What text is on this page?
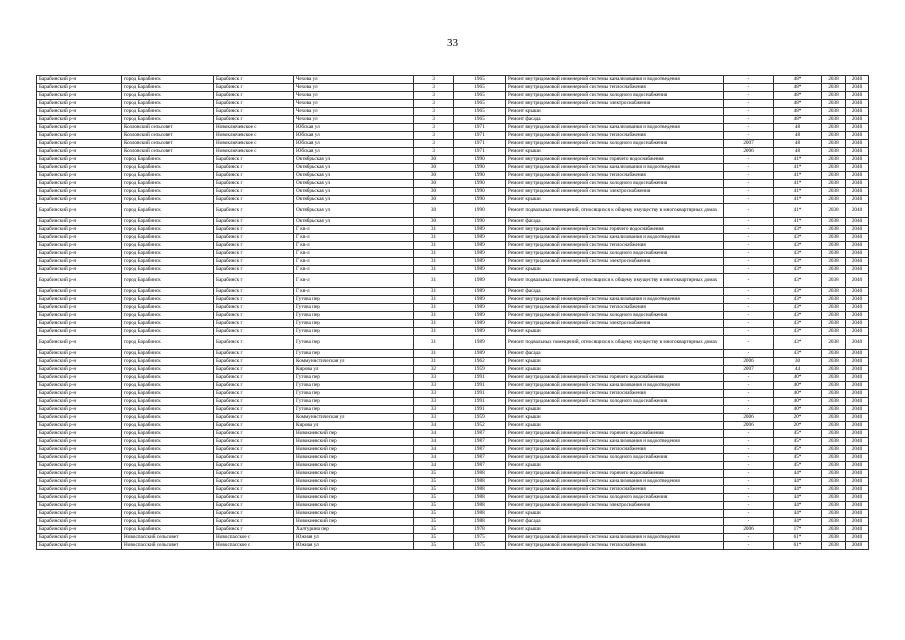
33
Барабинский р-н	город Барабинск	Барабинск г	Чехова ул	3	1965	Ремонт внутридомовой инженерной системы канализования и водоотведения	-	48*	2038	2040
Барабинский р-н	город Барабинск	Барабинск г	Чехова ул	3	1965	Ремонт внутридомовой инженерной системы теплоснабжения	-	48*	2038	2040
Барабинский р-н	город Барабинск	Барабинск г	Чехова ул	3	1965	Ремонт внутридомовой инженерной системы холодного водоснабжения	-	48*	2038	2040
Барабинский р-н	город Барабинск	Барабинск г	Чехова ул	3	1965	Ремонт внутридомовой инженерной системы электроснабжения	-	48*	2038	2040
Барабинский р-н	город Барабинск	Барабинск г	Чехова ул	3	1965	Ремонт крыши	-	48*	2038	2040
Барабинский р-н	город Барабинск	Барабинск г	Чехова ул	3	1965	Ремонт фасада	-	48*	2038	2040
Барабинский р-н	Козловский сельсовет	Новоключевское с	Юбская ул	3	1971	Ремонт внутридомовой инженерной системы канализования и водоотведения	-	48	2038	2040
Барабинский р-н	Козловский сельсовет	Новоключевское с	Юбская ул	3	1971	Ремонт внутридомовой инженерной системы теплоснабжения	-	48	2038	2040
Барабинский р-н	Козловский сельсовет	Новоключевское с	Юбская ул	3	1971	Ремонт внутридомовой инженерной системы холодного водоснабжения	2007	48	2038	2040
Барабинский р-н	Козловский сельсовет	Новоключевское с	Юбская ул	3	1971	Ремонт крыши	2006	48	2038	2040
Барабинский р-н	город Барабинск	Барабинск г	Октябрьская ул	30	1990	Ремонт внутридомовой инженерной системы горячего водоснабжения	-	41*	2038	2040
Барабинский р-н	город Барабинск	Барабинск г	Октябрьская ул	30	1990	Ремонт внутридомовой инженерной системы канализования и водоотведения	-	41*	2038	2040
Барабинский р-н	город Барабинск	Барабинск г	Октябрьская ул	30	1990	Ремонт внутридомовой инженерной системы теплоснабжения	-	41*	2038	2040
Барабинский р-н	город Барабинск	Барабинск г	Октябрьская ул	30	1990	Ремонт внутридомовой инженерной системы холодного водоснабжения	-	41*	2038	2040
Барабинский р-н	город Барабинск	Барабинск г	Октябрьская ул	30	1990	Ремонт внутридомовой инженерной системы электроснабжения	-	41*	2038	2040
Барабинский р-н	город Барабинск	Барабинск г	Октябрьская ул	30	1990	Ремонт крыши	-	41*	2038	2040
Барабинский р-н	город Барабинск	Барабинск г	Октябрьская ул	30	1990	Ремонт подвальных помещений, относящихся к общему имуществу в многоквартирных домах	-	41*	2038	2040
Барабинский р-н	город Барабинск	Барабинск г	Октябрьская ул	30	1990	Ремонт фасада	-	41*	2038	2040
Барабинский р-н	город Барабинск	Барабинск г	Г кв-л	31	1989	Ремонт внутридомовой инженерной системы горячего водоснабжения	-	43*	2038	2040
Барабинский р-н	город Барабинск	Барабинск г	Г кв-л	31	1989	Ремонт внутридомовой инженерной системы канализования и водоотведения	-	43*	2038	2040
Барабинский р-н	город Барабинск	Барабинск г	Г кв-л	31	1989	Ремонт внутридомовой инженерной системы теплоснабжения	-	43*	2038	2040
Барабинский р-н	город Барабинск	Барабинск г	Г кв-л	31	1989	Ремонт внутридомовой инженерной системы холодного водоснабжения	-	43*	2038	2040
Барабинский р-н	город Барабинск	Барабинск г	Г кв-л	31	1989	Ремонт внутридомовой инженерной системы электроснабжения	-	43*	2038	2040
Барабинский р-н	город Барабинск	Барабинск г	Г кв-л	31	1989	Ремонт крыши	-	43*	2038	2040
Барабинский р-н	город Барабинск	Барабинск г	Г кв-л	31	1989	Ремонт подвальных помещений, относящихся к общему имуществу в многоквартирных домах	-	43*	2038	2040
Барабинский р-н	город Барабинск	Барабинск г	Г кв-л	31	1989	Ремонт фасада	-	43*	2038	2040
Барабинский р-н	город Барабинск	Барабинск г	Гутова пер	31	1989	Ремонт внутридомовой инженерной системы канализования и водоотведения	-	43*	2038	2040
Барабинский р-н	город Барабинск	Барабинск г	Гутова пер	31	1989	Ремонт внутридомовой инженерной системы теплоснабжения	-	43*	2038	2040
Барабинский р-н	город Барабинск	Барабинск г	Гутова пер	31	1989	Ремонт внутридомовой инженерной системы холодного водоснабжения	-	43*	2038	2040
Барабинский р-н	город Барабинск	Барабинск г	Гутова пер	31	1989	Ремонт внутридомовой инженерной системы электроснабжения	-	43*	2038	2040
Барабинский р-н	город Барабинск	Барабинск г	Гутова пер	31	1989	Ремонт крыши	-	43*	2038	2040
Барабинский р-н	город Барабинск	Барабинск г	Гутова пер	31	1989	Ремонт подвальных помещений, относящихся к общему имуществу в многоквартирных домах	-	43*	2038	2040
Барабинский р-н	город Барабинск	Барабинск г	Гутова пер	31	1989	Ремонт фасада	-	43*	2038	2040
Барабинский р-н	город Барабинск	Барабинск г	Коммунистическая ул	31	1962	Ремонт крыши	2006	30	2038	2040
Барабинский р-н	город Барабинск	Барабинск г	Кирова ул	32	1959	Ремонт крыши	2007	44	2038	2040
Барабинский р-н	город Барабинск	Барабинск г	Гутова пер	33	1991	Ремонт внутридомовой инженерной системы горячего водоснабжения	-	40*	2038	2040
Барабинский р-н	город Барабинск	Барабинск г	Гутова пер	33	1991	Ремонт внутридомовой инженерной системы канализования и водоотведения	-	40*	2038	2040
Барабинский р-н	город Барабинск	Барабинск г	Гутова пер	33	1991	Ремонт внутридомовой инженерной системы теплоснабжения	-	40*	2038	2040
Барабинский р-н	город Барабинск	Барабинск г	Гутова пер	33	1991	Ремонт внутридомовой инженерной системы холодного водоснабжения	-	40*	2038	2040
Барабинский р-н	город Барабинск	Барабинск г	Гутова пер	33	1991	Ремонт крыши	-	40*	2038	2040
Барабинский р-н	город Барабинск	Барабинск г	Коммунистическая ул	33	1959	Ремонт крыши	2006	20*	2038	2040
Барабинский р-н	город Барабинск	Барабинск г	Кирова ул	34	1952	Ремонт крыши	2006	20*	2038	2040
Барабинский р-н	город Барабинск	Барабинск г	Новокиевский пер	34	1987	Ремонт внутридомовой инженерной системы горячего водоснабжения	-	45*	2038	2040
Барабинский р-н	город Барабинск	Барабинск г	Новокиевский пер	34	1987	Ремонт внутридомовой инженерной системы канализования и водоотведения	-	45*	2038	2040
Барабинский р-н	город Барабинск	Барабинск г	Новокиевский пер	34	1987	Ремонт внутридомовой инженерной системы теплоснабжения	-	45*	2038	2040
Барабинский р-н	город Барабинск	Барабинск г	Новокиевский пер	34	1987	Ремонт внутридомовой инженерной системы холодного водоснабжения	-	45*	2038	2040
Барабинский р-н	город Барабинск	Барабинск г	Новокиевский пер	34	1987	Ремонт крыши	-	45*	2038	2040
Барабинский р-н	город Барабинск	Барабинск г	Новокиевский пер	35	1988	Ремонт внутридомовой инженерной системы горячего водоснабжения	-	44*	2038	2040
Барабинский р-н	город Барабинск	Барабинск г	Новокиевский пер	35	1988	Ремонт внутридомовой инженерной системы канализования и водоотведения	-	44*	2038	2040
Барабинский р-н	город Барабинск	Барабинск г	Новокиевский пер	35	1988	Ремонт внутридомовой инженерной системы теплоснабжения	-	44*	2038	2040
Барабинский р-н	город Барабинск	Барабинск г	Новокиевский пер	35	1988	Ремонт внутридомовой инженерной системы холодного водоснабжения	-	44*	2038	2040
Барабинский р-н	город Барабинск	Барабинск г	Новокиевский пер	35	1988	Ремонт внутридомовой инженерной системы электроснабжения	-	44*	2038	2040
Барабинский р-н	город Барабинск	Барабинск г	Новокиевский пер	35	1988	Ремонт крыши	-	44*	2038	2040
Барабинский р-н	город Барабинск	Барабинск г	Новокиевский пер	35	1988	Ремонт фасада	-	44*	2038	2040
Барабинский р-н	город Барабинск	Барабинск г	Халтурина пер	35	1978	Ремонт крыши	2006	17*	2038	2040
Барабинский р-н	Новоспасский сельсовет	Новоспасское с	Южная ул	35	1975	Ремонт внутридомовой инженерной системы канализования и водоотведения	-	61*	2038	2040
Барабинский р-н	Новоспасский сельсовет	Новоспасское с	Южная ул	35	1975	Ремонт внутридомовой инженерной системы теплоснабжения	-	61*	2038	2040
